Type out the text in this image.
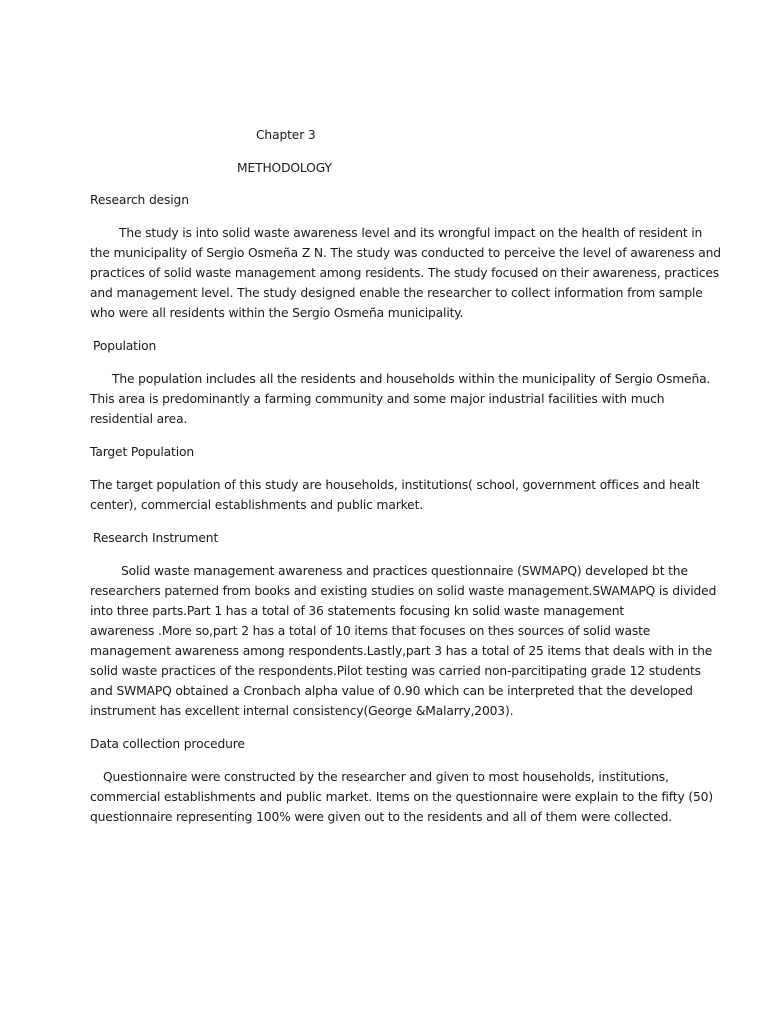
Chapter 3
METHODOLOGY
Research design
The study is into solid waste awareness level and its wrongful impact on the health of resident in
the municipality of Sergio Osmeña Z N. The study was conducted to perceive the level of awareness and
practices of solid waste management among residents. The study focused on their awareness, practices
and management level. The study designed enable the researcher to collect information from sample
who were all residents within the Sergio Osmeña municipality.
Population
The population includes all the residents and households within the municipality of Sergio Osmeña.
This area is predominantly a farming community and some major industrial facilities with much
residential area.
Target Population
The target population of this study are households, institutions( school, government offices and healt
center), commercial establishments and public market.
Research Instrument
Solid waste management awareness and practices questionnaire (SWMAPQ) developed bt the
researchers paterned from books and existing studies on solid waste management.SWAMAPQ is divided
into three parts.Part 1 has a total of 36 statements focusing kn solid waste management
awareness .More so,part 2 has a total of 10 items that focuses on thes sources of solid waste
management awareness among respondents.Lastly,part 3 has a total of 25 items that deals with in the
solid waste practices of the respondents.Pilot testing was carried non-parcitipating grade 12 students
and SWMAPQ obtained a Cronbach alpha value of 0.90 which can be interpreted that the developed
instrument has excellent internal consistency(George &Malarry,2003).
Data collection procedure
Questionnaire were constructed by the researcher and given to most households, institutions,
commercial establishments and public market. Items on the questionnaire were explain to the fifty (50)
questionnaire representing 100% were given out to the residents and all of them were collected.
